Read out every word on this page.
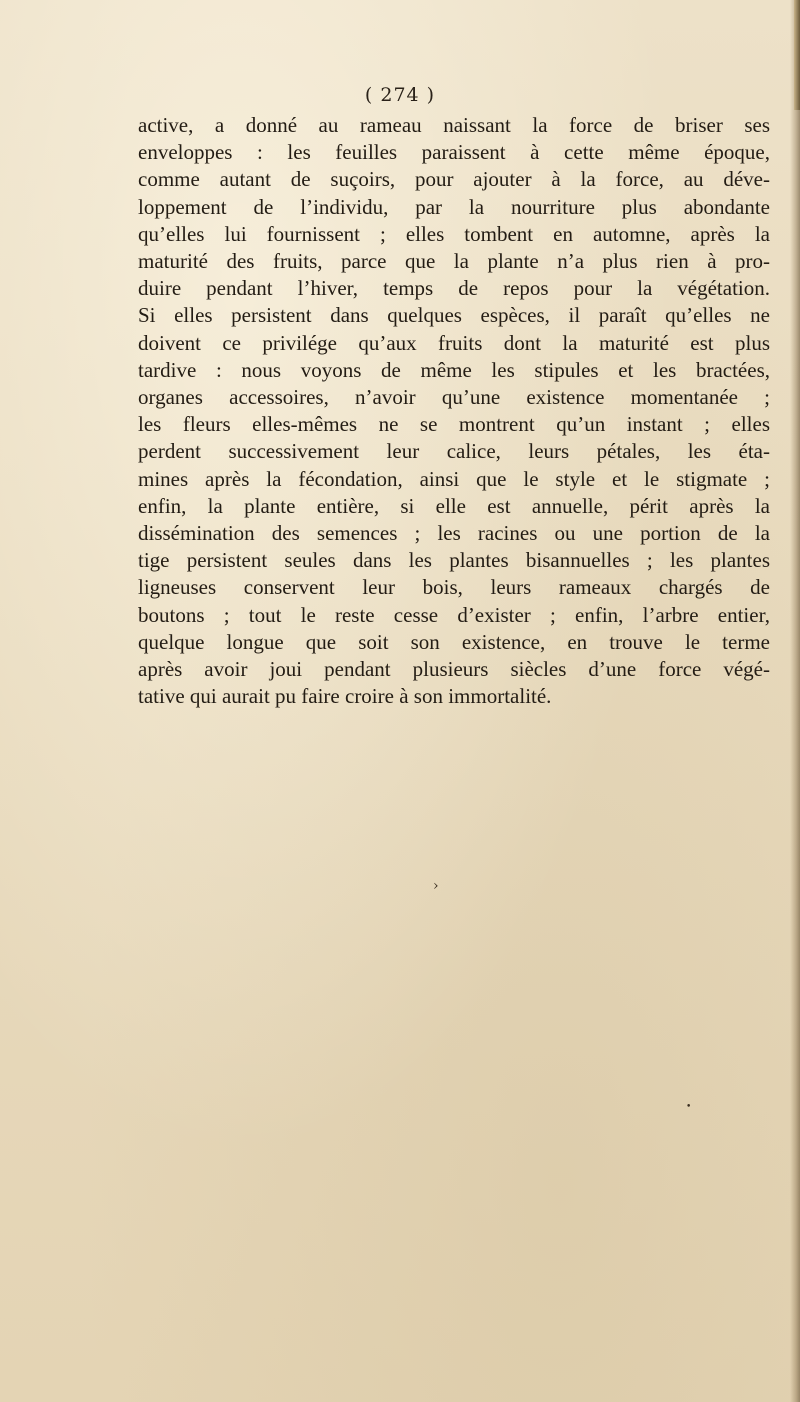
( 274 )
active, a donné au rameau naissant la force de briser ses
enveloppes : les feuilles paraissent à cette même époque,
comme autant de suçoirs, pour ajouter à la force, au déve-
loppement de l’individu, par la nourriture plus abondante
qu’elles lui fournissent ; elles tombent en automne, après la
maturité des fruits, parce que la plante n’a plus rien à pro-
duire pendant l’hiver, temps de repos pour la végétation.
Si elles persistent dans quelques espèces, il paraît qu’elles ne
doivent ce privilége qu’aux fruits dont la maturité est plus
tardive : nous voyons de même les stipules et les bractées,
organes accessoires, n’avoir qu’une existence momentanée ;
les fleurs elles-mêmes ne se montrent qu’un instant ; elles
perdent successivement leur calice, leurs pétales, les éta-
mines après la fécondation, ainsi que le style et le stigmate ;
enfin, la plante entière, si elle est annuelle, périt après la
dissémination des semences ; les racines ou une portion de la
tige persistent seules dans les plantes bisannuelles ; les plantes
ligneuses conservent leur bois, leurs rameaux chargés de
boutons ; tout le reste cesse d’exister ; enfin, l’arbre entier,
quelque longue que soit son existence, en trouve le terme
après avoir joui pendant plusieurs siècles d’une force végé-
tative qui aurait pu faire croire à son immortalité.
›
•
